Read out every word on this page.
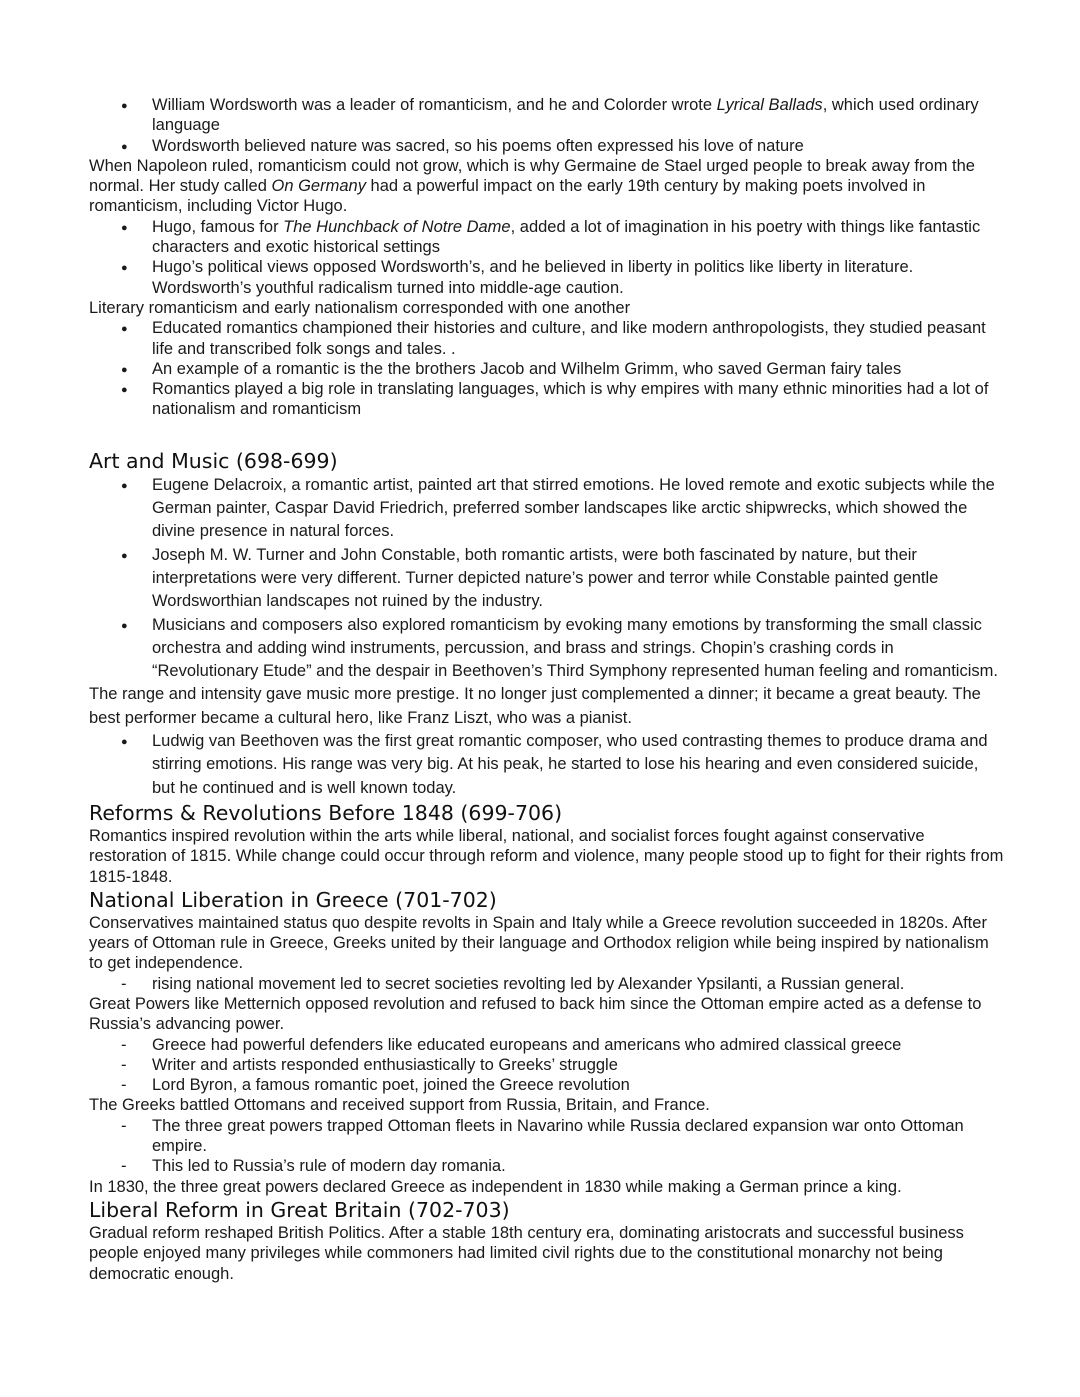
● William Wordsworth was a leader of romanticism, and he and Colorder wrote Lyrical Ballads, which used ordinary language
● Wordsworth believed nature was sacred, so his poems often expressed his love of nature

When Napoleon ruled, romanticism could not grow, which is why Germaine de Stael urged people to break away from the normal. Her study called On Germany had a powerful impact on the early 19th century by making poets involved in romanticism, including Victor Hugo.

● Hugo, famous for The Hunchback of Notre Dame, added a lot of imagination in his poetry with things like fantastic characters and exotic historical settings
● Hugo’s political views opposed Wordsworth’s, and he believed in liberty in politics like liberty in literature. Wordsworth’s youthful radicalism turned into middle-age caution.

Literary romanticism and early nationalism corresponded with one another

● Educated romantics championed their histories and culture, and like modern anthropologists, they studied peasant life and transcribed folk songs and tales. .
● An example of a romantic is the the brothers Jacob and Wilhelm Grimm, who saved German fairy tales
● Romantics played a big role in translating languages, which is why empires with many ethnic minorities had a lot of nationalism and romanticism
Art and Music (698-699)
● Eugene Delacroix, a romantic artist, painted art that stirred emotions. He loved remote and exotic subjects while the German painter, Caspar David Friedrich, preferred somber landscapes like arctic shipwrecks, which showed the divine presence in natural forces.
● Joseph M. W. Turner and John Constable, both romantic artists, were both fascinated by nature, but their interpretations were very different. Turner depicted nature’s power and terror while Constable painted gentle Wordsworthian landscapes not ruined by the industry.
● Musicians and composers also explored romanticism by evoking many emotions by transforming the small classic orchestra and adding wind instruments, percussion, and brass and strings. Chopin’s crashing cords in “Revolutionary Etude” and the despair in Beethoven’s Third Symphony represented human feeling and romanticism.

The range and intensity gave music more prestige. It no longer just complemented a dinner; it became a great beauty. The best performer became a cultural hero, like Franz Liszt, who was a pianist.

● Ludwig van Beethoven was the first great romantic composer, who used contrasting themes to produce drama and stirring emotions. His range was very big. At his peak, he started to lose his hearing and even considered suicide, but he continued and is well known today.
Reforms & Revolutions Before 1848 (699-706)

Romantics inspired revolution within the arts while liberal, national, and socialist forces fought against conservative restoration of 1815. While change could occur through reform and violence, many people stood up to fight for their rights from 1815-1848.

National Liberation in Greece (701-702)

Conservatives maintained status quo despite revolts in Spain and Italy while a Greece revolution succeeded in 1820s. After years of Ottoman rule in Greece, Greeks united by their language and Orthodox religion while being inspired by nationalism to get independence.

- rising national movement led to secret societies revolting led by Alexander Ypsilanti, a Russian general.

Great Powers like Metternich opposed revolution and refused to back him since the Ottoman empire acted as a defense to Russia’s advancing power.

- Greece had powerful defenders like educated europeans and americans who admired classical greece
- Writer and artists responded enthusiastically to Greeks’ struggle
- Lord Byron, a famous romantic poet, joined the Greece revolution

The Greeks battled Ottomans and received support from Russia, Britain, and France.

- The three great powers trapped Ottoman fleets in Navarino while Russia declared expansion war onto Ottoman empire.
- This led to Russia’s rule of modern day romania.

In 1830, the three great powers declared Greece as independent in 1830 while making a German prince a king.

Liberal Reform in Great Britain (702-703)

Gradual reform reshaped British Politics. After a stable 18th century era, dominating aristocrats and successful business people enjoyed many privileges while commoners had limited civil rights due to the constitutional monarchy not being democratic enough.
